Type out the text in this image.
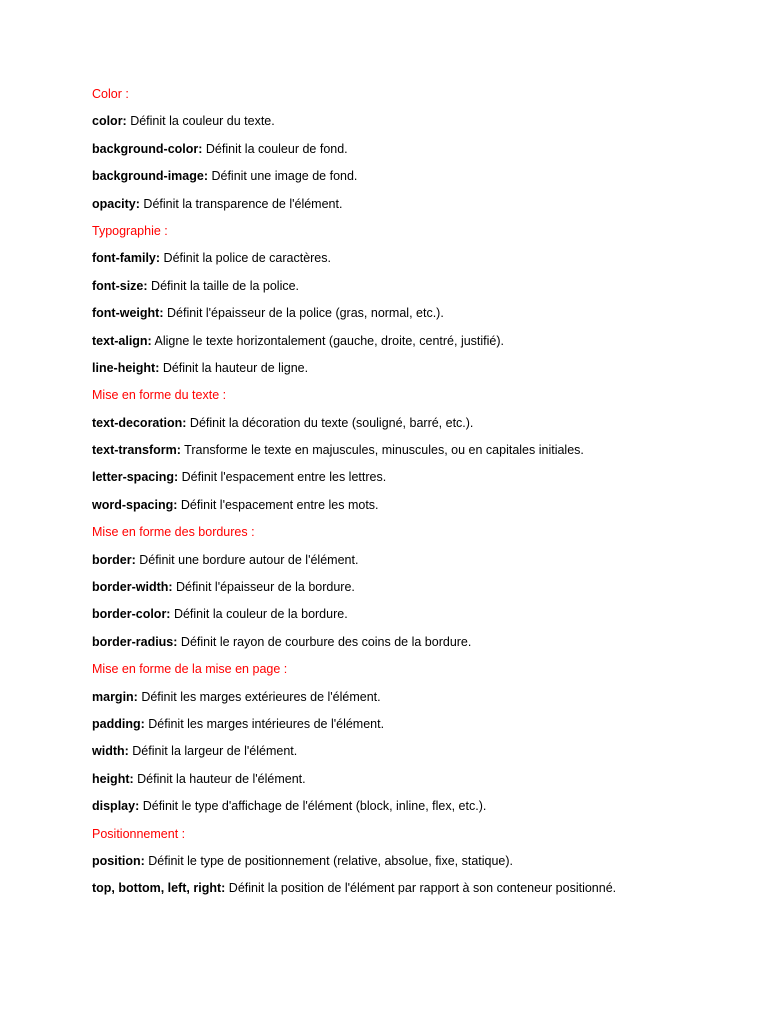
Color :
color: Définit la couleur du texte.
background-color: Définit la couleur de fond.
background-image: Définit une image de fond.
opacity: Définit la transparence de l'élément.
Typographie :
font-family: Définit la police de caractères.
font-size: Définit la taille de la police.
font-weight: Définit l'épaisseur de la police (gras, normal, etc.).
text-align: Aligne le texte horizontalement (gauche, droite, centré, justifié).
line-height: Définit la hauteur de ligne.
Mise en forme du texte :
text-decoration: Définit la décoration du texte (souligné, barré, etc.).
text-transform: Transforme le texte en majuscules, minuscules, ou en capitales initiales.
letter-spacing: Définit l'espacement entre les lettres.
word-spacing: Définit l'espacement entre les mots.
Mise en forme des bordures :
border: Définit une bordure autour de l'élément.
border-width: Définit l'épaisseur de la bordure.
border-color: Définit la couleur de la bordure.
border-radius: Définit le rayon de courbure des coins de la bordure.
Mise en forme de la mise en page :
margin: Définit les marges extérieures de l'élément.
padding: Définit les marges intérieures de l'élément.
width: Définit la largeur de l'élément.
height: Définit la hauteur de l'élément.
display: Définit le type d'affichage de l'élément (block, inline, flex, etc.).
Positionnement :
position: Définit le type de positionnement (relative, absolue, fixe, statique).
top, bottom, left, right: Définit la position de l'élément par rapport à son conteneur positionné.
